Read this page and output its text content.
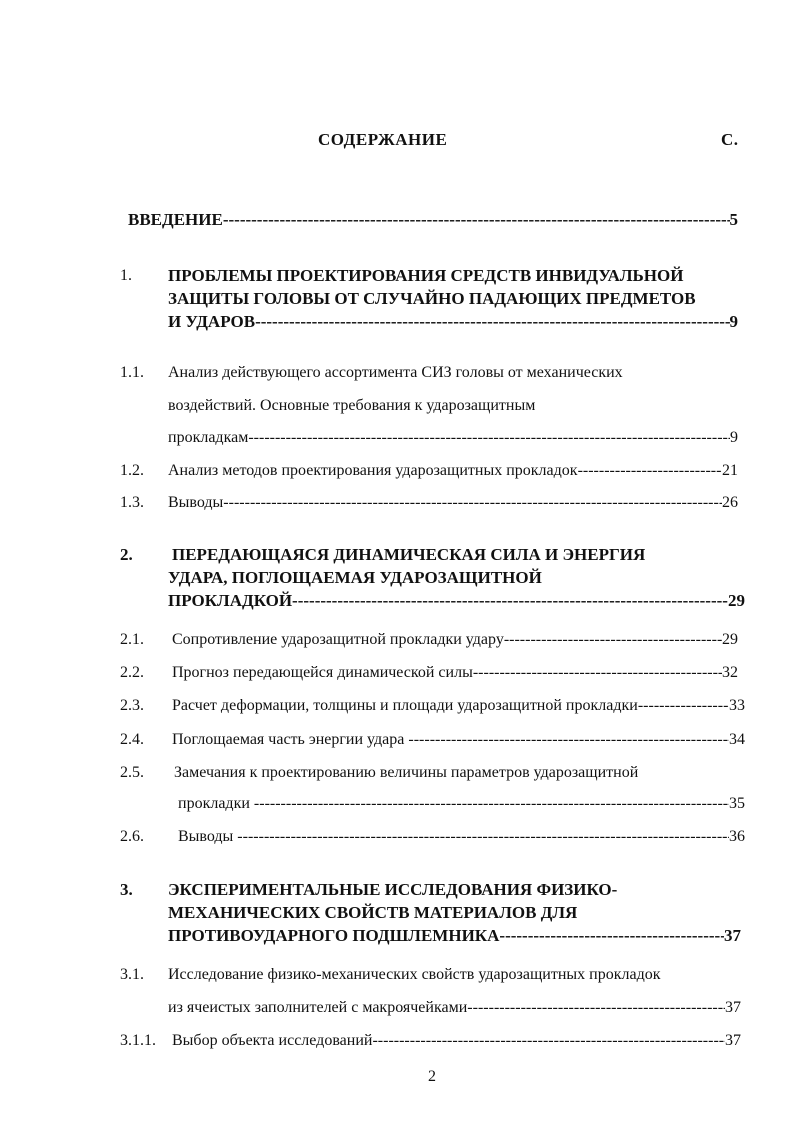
СОДЕРЖАНИЕ	С.
ВВЕДЕНИЕ -----	5
1. ПРОБЛЕМЫ ПРОЕКТИРОВАНИЯ СРЕДСТВ ИНВИДУАЛЬНОЙ
ЗАЩИТЫ ГОЛОВЫ ОТ СЛУЧАЙНО ПАДАЮЩИХ ПРЕДМЕТОВ
И УДАРОВ -----	9
1.1. Анализ действующего ассортимента СИЗ головы от механических
воздействий. Основные требования к ударозащитным
прокладкам -----	9
1.2. Анализ методов проектирования ударозащитных прокладок -----	21
1.3. Выводы -----	26
2. ПЕРЕДАЮЩАЯСЯ ДИНАМИЧЕСКАЯ СИЛА И ЭНЕРГИЯ
УДАРА, ПОГЛОЩАЕМАЯ УДАРОЗАЩИТНОЙ
ПРОКЛАДКОЙ -----	29
2.1. Сопротивление ударозащитной прокладки удару -----	29
2.2. Прогноз передающейся динамической силы -----	32
2.3. Расчет деформации, толщины и площади ударозащитной прокладки -----	33
2.4. Поглощаемая часть энергии удара -----	34
2.5. Замечания к проектированию величины параметров ударозащитной
прокладки -----	35
2.6. Выводы -----	36
3. ЭКСПЕРИМЕНТАЛЬНЫЕ ИССЛЕДОВАНИЯ ФИЗИКО-
МЕХАНИЧЕСКИХ СВОЙСТВ МАТЕРИАЛОВ ДЛЯ
ПРОТИВОУДАРНОГО ПОДШЛЕМНИКА -----	37
3.1. Исследование физико-механических свойств ударозащитных прокладок
из ячеистых заполнителей с макроячейками -----	37
3.1.1. Выбор объекта исследований -----	37
2
